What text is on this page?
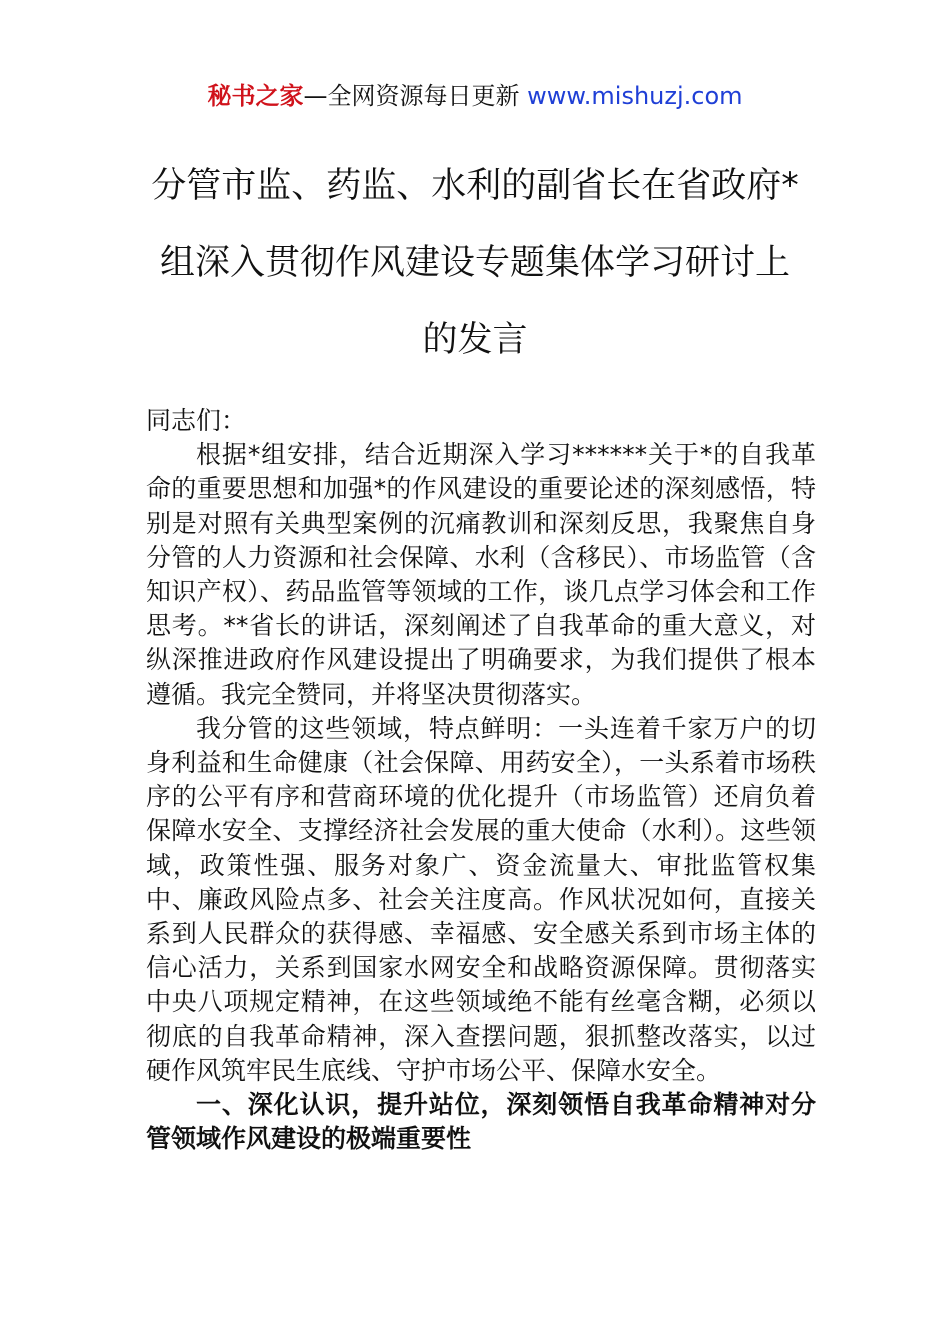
秘书之家—全网资源每日更新 www.mishuzj.com
分管市监、药监、水利的副省长在省政府*
组深入贯彻作风建设专题集体学习研讨上
的发言

同志们：

根据*组安排，结合近期深入学习******关于*的自我革命的重要思想和加强*的作风建设的重要论述的深刻感悟，特别是对照有关典型案例的沉痛教训和深刻反思，我聚焦自身分管的人力资源和社会保障、水利（含移民）、市场监管（含知识产权）、药品监管等领域的工作，谈几点学习体会和工作思考。**省长的讲话，深刻阐述了自我革命的重大意义，对纵深推进政府作风建设提出了明确要求，为我们提供了根本遵循。我完全赞同，并将坚决贯彻落实。

我分管的这些领域，特点鲜明：一头连着千家万户的切身利益和生命健康（社会保障、用药安全），一头系着市场秩序的公平有序和营商环境的优化提升（市场监管）还肩负着保障水安全、支撑经济社会发展的重大使命（水利）。这些领域，政策性强、服务对象广、资金流量大、审批监管权集中、廉政风险点多、社会关注度高。作风状况如何，直接关系到人民群众的获得感、幸福感、安全感关系到市场主体的信心活力，关系到国家水网安全和战略资源保障。贯彻落实中央八项规定精神，在这些领域绝不能有丝毫含糊，必须以彻底的自我革命精神，深入查摆问题，狠抓整改落实，以过硬作风筑牢民生底线、守护市场公平、保障水安全。

一、深化认识，提升站位，深刻领悟自我革命精神对分管领域作风建设的极端重要性
